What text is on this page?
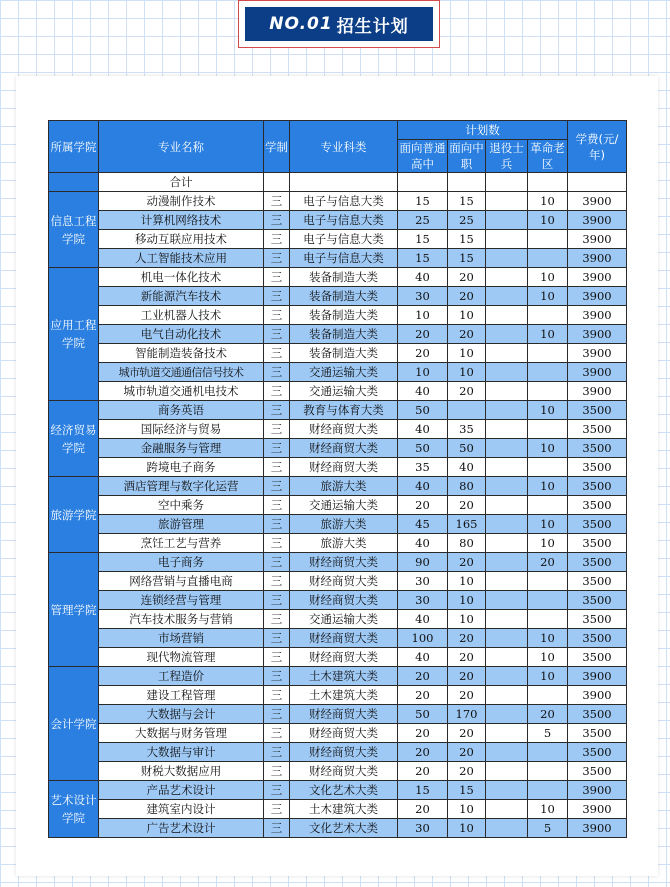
NO.01 招生计划
所属学院	专业名称	学制	专业科类	计划数				学费(元/年)
				面向普通高中	面向中职	退役士兵	革命老区	
	合计							
信息工程学院	动漫制作技术	三	电子与信息大类	15	15		10	3900
	计算机网络技术	三	电子与信息大类	25	25		10	3900
	移动互联应用技术	三	电子与信息大类	15	15			3900
	人工智能技术应用	三	电子与信息大类	15	15			3900
应用工程学院	机电一体化技术	三	装备制造大类	40	20		10	3900
	新能源汽车技术	三	装备制造大类	30	20		10	3900
	工业机器人技术	三	装备制造大类	10	10			3900
	电气自动化技术	三	装备制造大类	20	20		10	3900
	智能制造装备技术	三	装备制造大类	20	10			3900
	城市轨道交通通信信号技术	三	交通运输大类	10	10			3900
	城市轨道交通机电技术	三	交通运输大类	40	20			3900
经济贸易学院	商务英语	三	教育与体育大类	50			10	3500
	国际经济与贸易	三	财经商贸大类	40	35			3500
	金融服务与管理	三	财经商贸大类	50	50		10	3500
	跨境电子商务	三	财经商贸大类	35	40			3500
旅游学院	酒店管理与数字化运营	三	旅游大类	40	80		10	3500
	空中乘务	三	交通运输大类	20	20			3500
	旅游管理	三	旅游大类	45	165		10	3500
	烹饪工艺与营养	三	旅游大类	40	80		10	3500
管理学院	电子商务	三	财经商贸大类	90	20		20	3500
	网络营销与直播电商	三	财经商贸大类	30	10			3500
	连锁经营与管理	三	财经商贸大类	30	10			3500
	汽车技术服务与营销	三	交通运输大类	40	10			3500
	市场营销	三	财经商贸大类	100	20		10	3500
	现代物流管理	三	财经商贸大类	40	20		10	3500
会计学院	工程造价	三	土木建筑大类	20	20		10	3900
	建设工程管理	三	土木建筑大类	20	20			3900
	大数据与会计	三	财经商贸大类	50	170		20	3500
	大数据与财务管理	三	财经商贸大类	20	20		5	3500
	大数据与审计	三	财经商贸大类	20	20			3500
	财税大数据应用	三	财经商贸大类	20	20			3500
艺术设计学院	产品艺术设计	三	文化艺术大类	15	15			3900
	建筑室内设计	三	土木建筑大类	20	10		10	3900
	广告艺术设计	三	文化艺术大类	30	10		5	3900
